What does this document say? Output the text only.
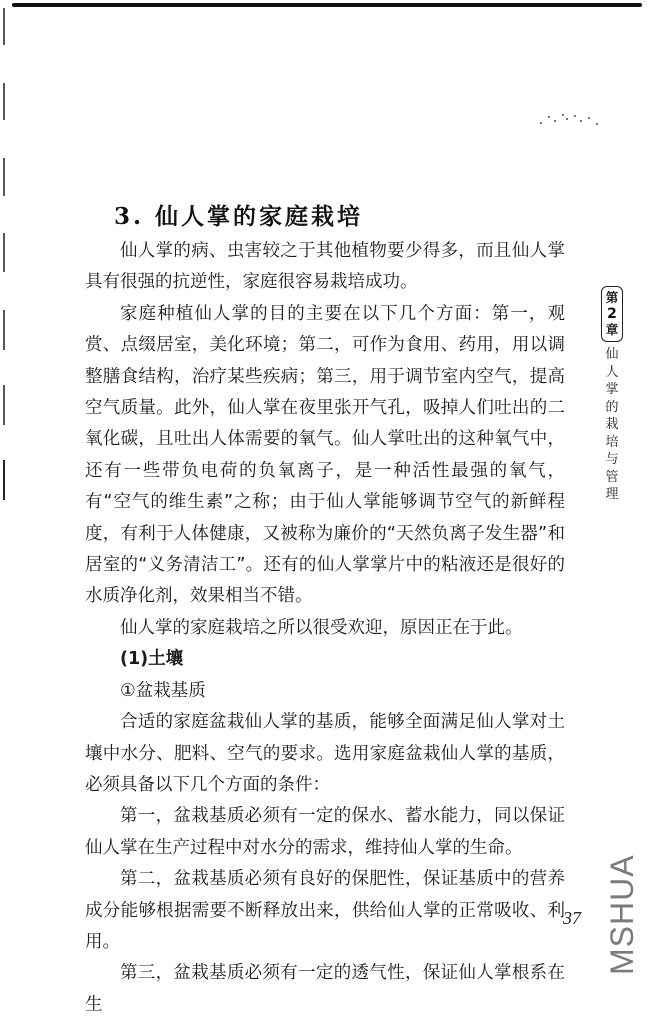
3. 仙人掌的家庭栽培

仙人掌的病、虫害较之于其他植物要少得多，而且仙人掌具有很强的抗逆性，家庭很容易栽培成功。

家庭种植仙人掌的目的主要在以下几个方面：第一，观赏、点缀居室，美化环境；第二，可作为食用、药用，用以调整膳食结构，治疗某些疾病；第三，用于调节室内空气，提高空气质量。此外，仙人掌在夜里张开气孔，吸掉人们吐出的二氧化碳，且吐出人体需要的氧气。仙人掌吐出的这种氧气中，还有一些带负电荷的负氧离子，是一种活性最强的氧气，有“空气的维生素”之称；由于仙人掌能够调节空气的新鲜程度，有利于人体健康，又被称为廉价的“天然负离子发生器”和居室的“义务清洁工”。还有的仙人掌掌片中的粘液还是很好的水质净化剂，效果相当不错。

仙人掌的家庭栽培之所以很受欢迎，原因正在于此。

(1)土壤

①盆栽基质

合适的家庭盆栽仙人掌的基质，能够全面满足仙人掌对土壤中水分、肥料、空气的要求。选用家庭盆栽仙人掌的基质，必须具备以下几个方面的条件：

第一，盆栽基质必须有一定的保水、蓄水能力，同以保证仙人掌在生产过程中对水分的需求，维持仙人掌的生命。

第二，盆栽基质必须有良好的保肥性，保证基质中的营养成分能够根据需要不断释放出来，供给仙人掌的正常吸收、利用。

第三，盆栽基质必须有一定的透气性，保证仙人掌根系在生

第
2
章
仙人掌的栽培与管理
37 MSHUA
